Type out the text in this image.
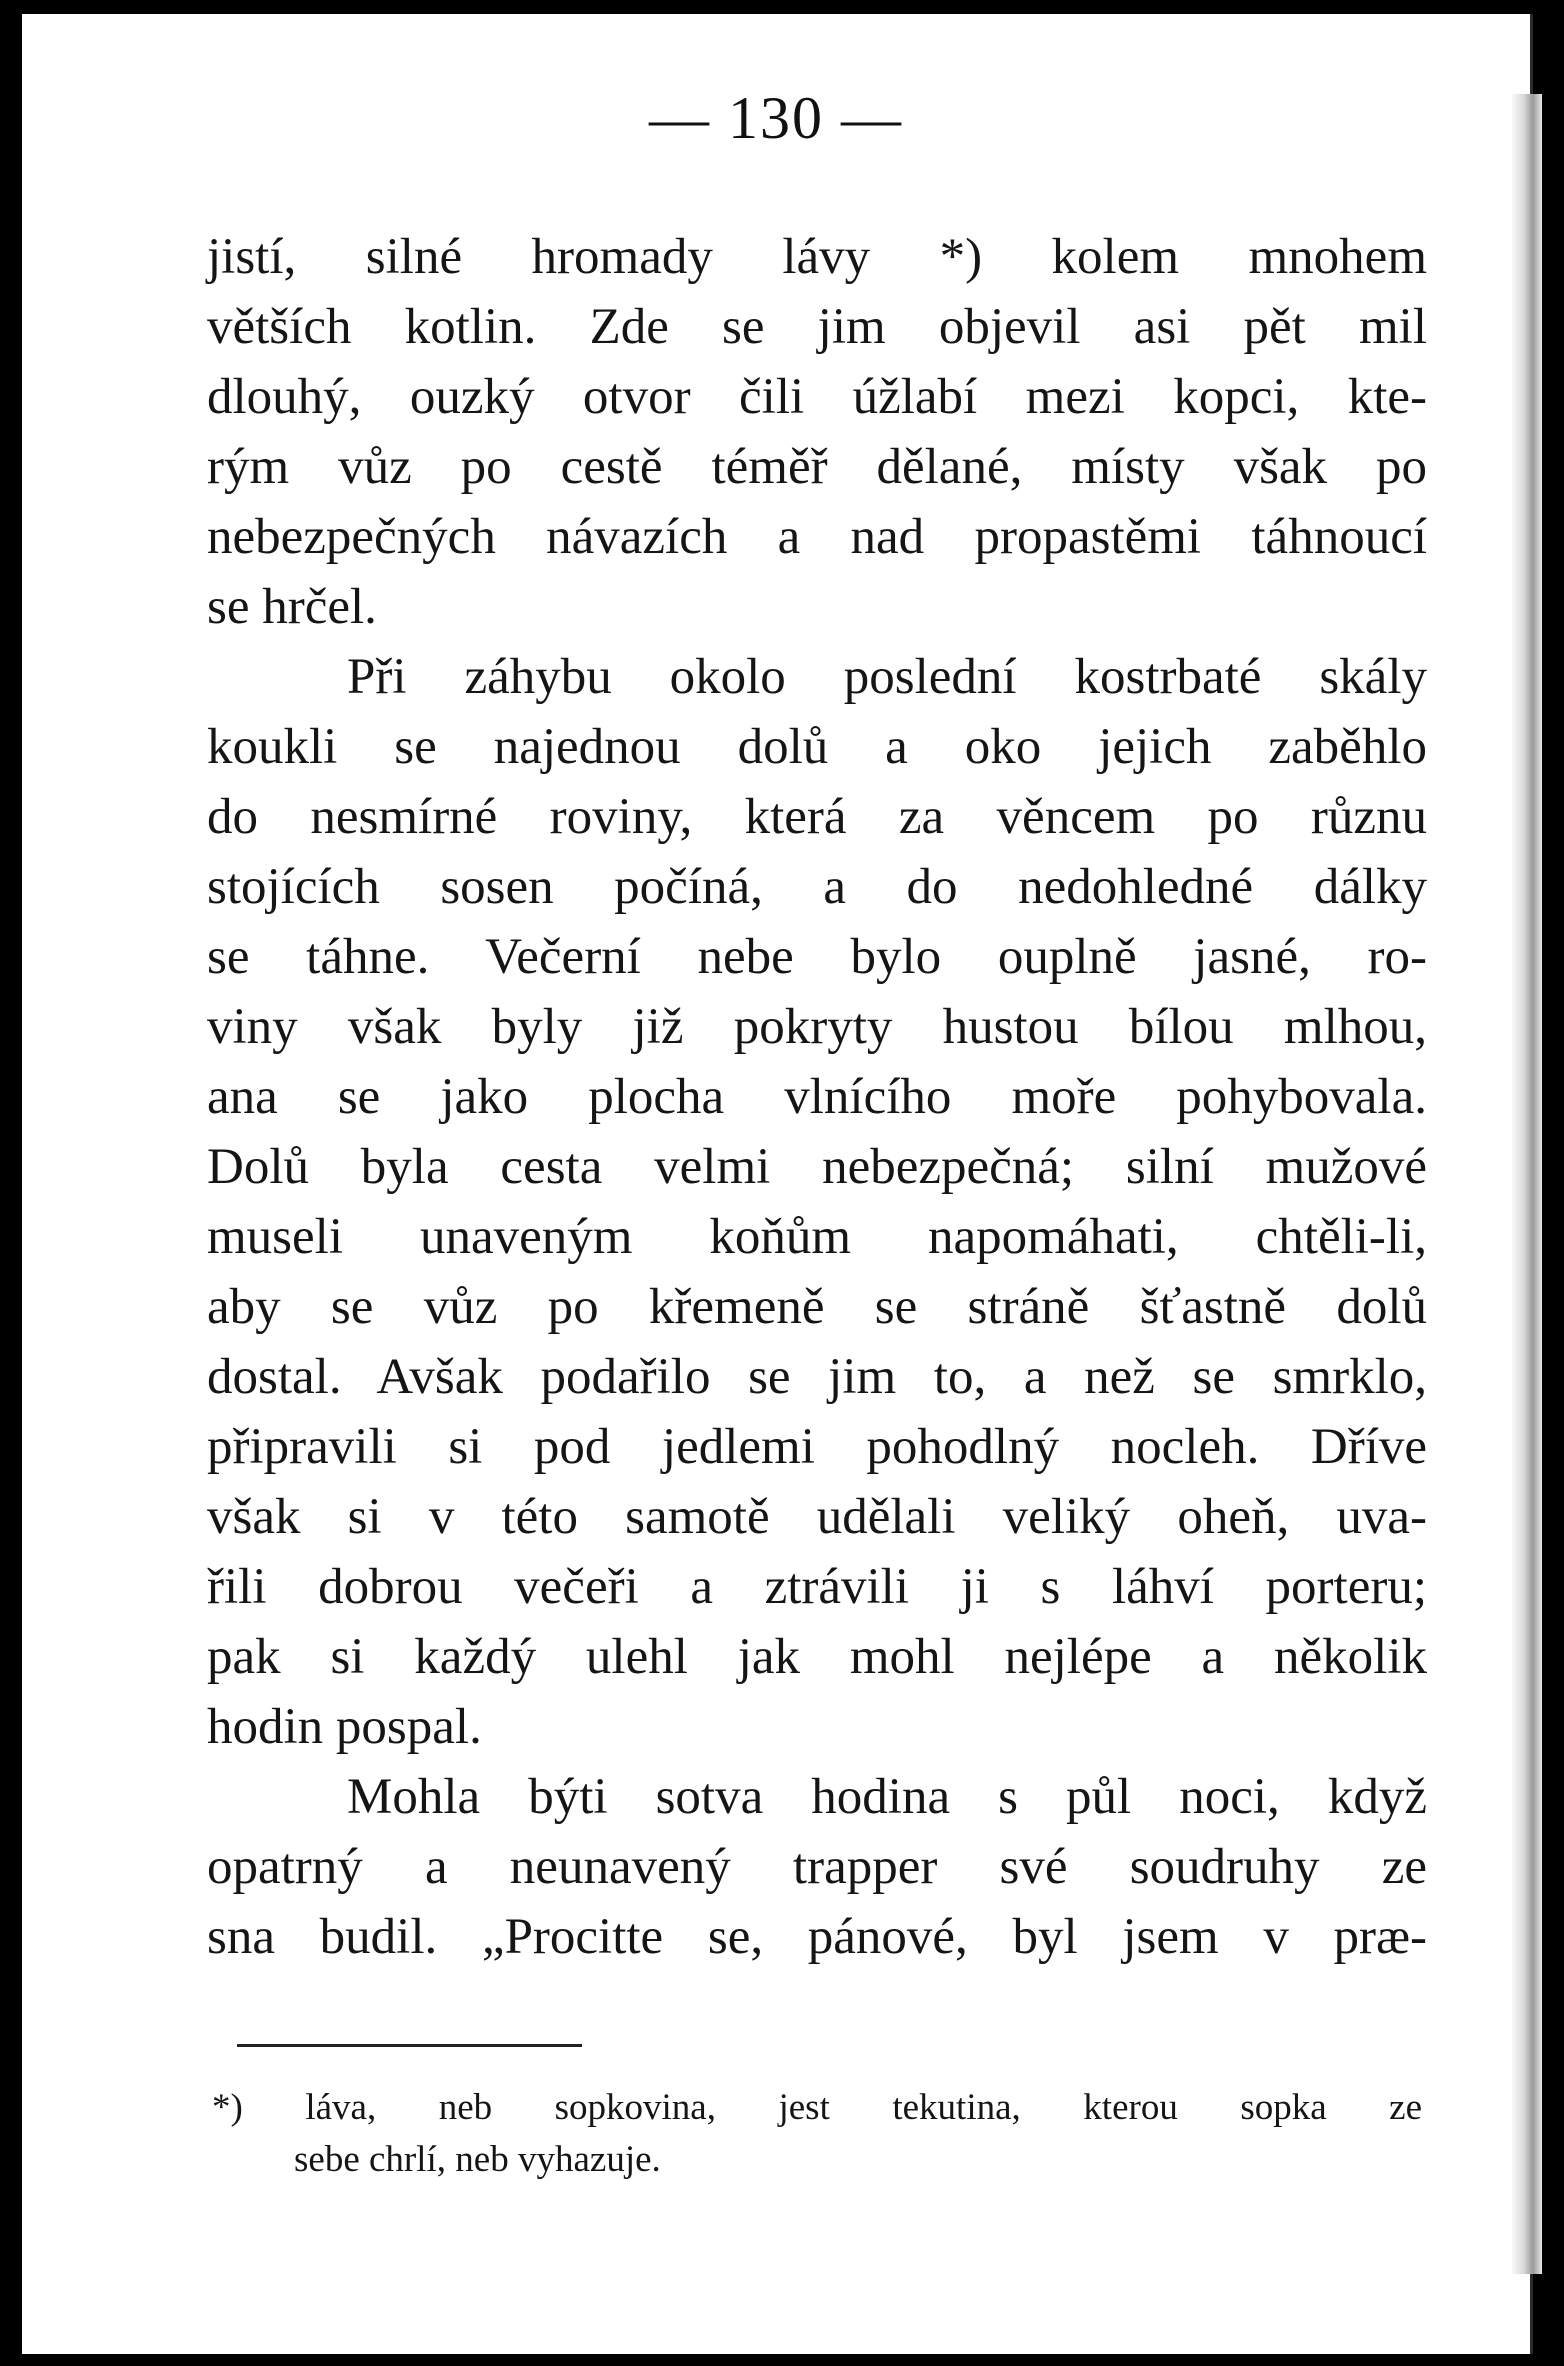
— 130 —
jistí, silné hromady lávy *) kolem mnohem
větších kotlin. Zde se jim objevil asi pět mil
dlouhý, ouzký otvor čili úžlabí mezi kopci, kte-
rým vůz po cestě téměř dělané, místy však po
nebezpečných návazích a nad propastěmi táhnoucí
se hrčel.
Při záhybu okolo poslední kostrbaté skály
koukli se najednou dolů a oko jejich zaběhlo
do nesmírné roviny, která za věncem po různu
stojících sosen počíná, a do nedohledné dálky
se táhne. Večerní nebe bylo ouplně jasné, ro-
viny však byly již pokryty hustou bílou mlhou,
ana se jako plocha vlnícího moře pohybovala.
Dolů byla cesta velmi nebezpečná; silní mužové
museli unaveným koňům napomáhati, chtěli-li,
aby se vůz po křemeně se stráně šťastně dolů
dostal. Avšak podařilo se jim to, a než se smrklo,
připravili si pod jedlemi pohodlný nocleh. Dříve
však si v této samotě udělali veliký oheň, uva-
řili dobrou večeři a ztrávili ji s láhví porteru;
pak si každý ulehl jak mohl nejlépe a několik
hodin pospal.
Mohla býti sotva hodina s půl noci, když
opatrný a neunavený trapper své soudruhy ze
sna budil. „Procitte se, pánové, byl jsem v præ-
*) láva, neb sopkovina, jest tekutina, kterou sopka ze
sebe chrlí, neb vyhazuje.
